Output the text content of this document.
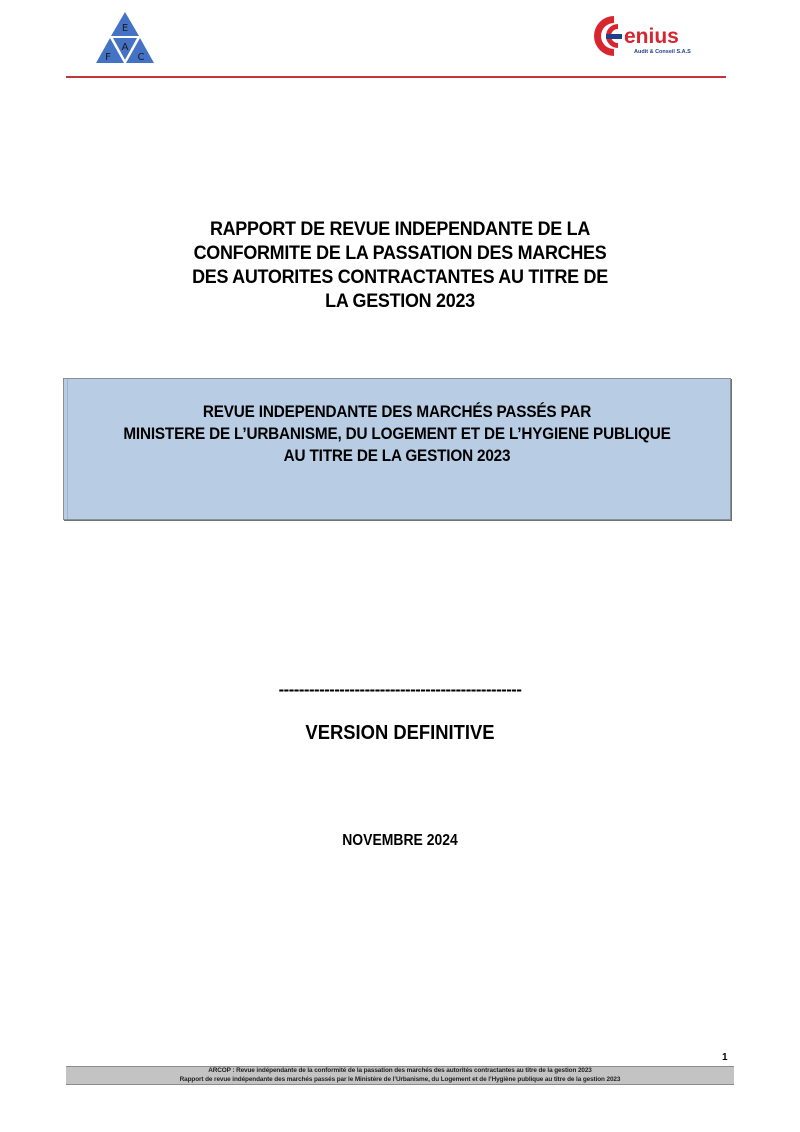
E
A
F	C
enius
Audit & Conseil S.A.S
RAPPORT DE REVUE INDEPENDANTE DE LA
CONFORMITE DE LA PASSATION DES MARCHES
DES AUTORITES CONTRACTANTES AU TITRE DE
LA GESTION 2023
REVUE INDEPENDANTE DES MARCHÉS PASSÉS PAR
MINISTERE DE L’URBANISME, DU LOGEMENT ET DE L’HYGIENE PUBLIQUE
AU TITRE DE LA GESTION 2023
------------------------------------------------
VERSION DEFINITIVE
NOVEMBRE 2024
1
ARCOP : Revue indépendante de la conformité de la passation des marchés des autorités contractantes au titre de la gestion 2023
Rapport de revue indépendante des marchés passés par le Ministère de l’Urbanisme, du Logement et de l’Hygiène publique au titre de la gestion 2023
